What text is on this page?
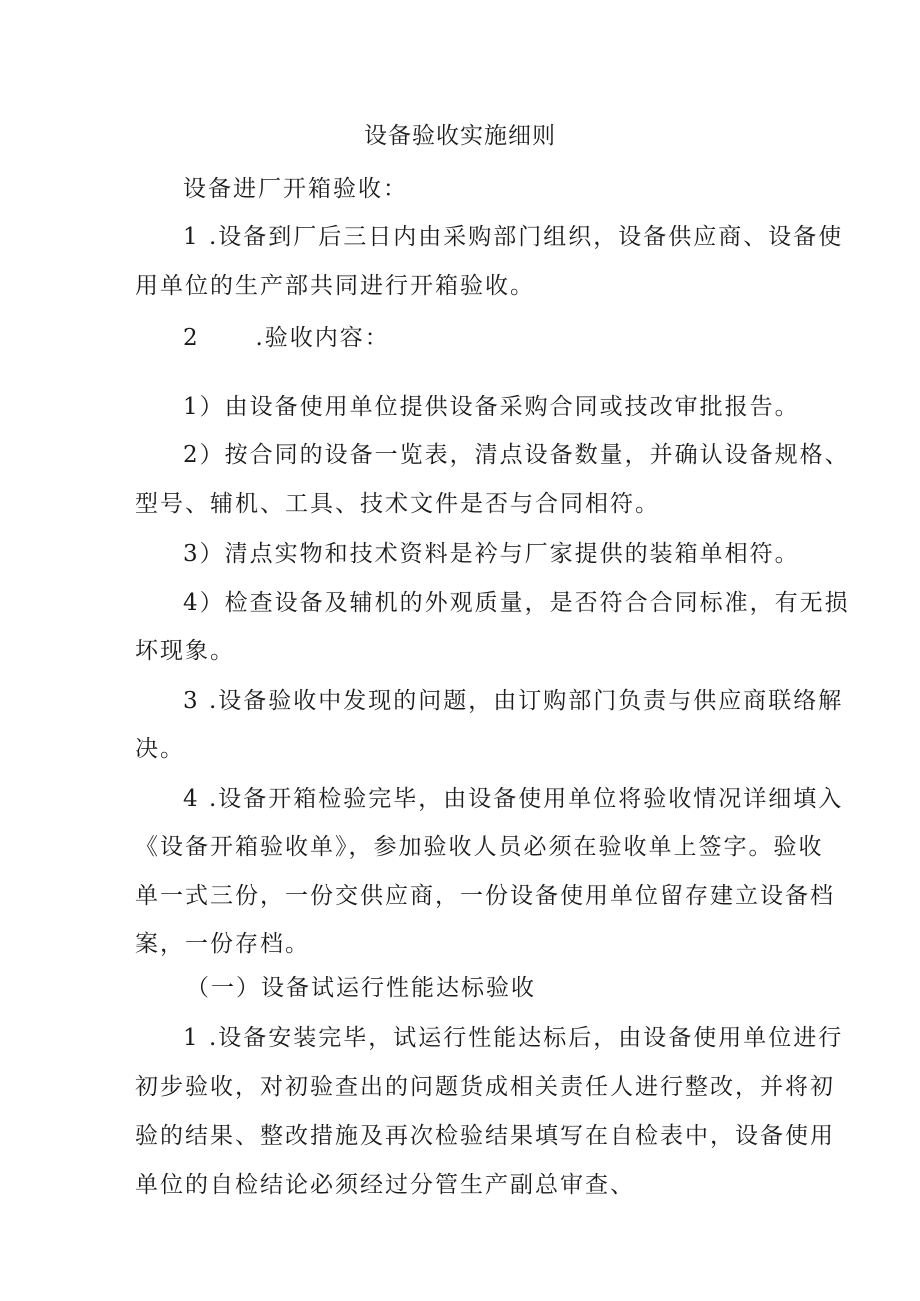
设备验收实施细则
设备进厂开箱验收：
1 .设备到厂后三日内由采购部门组织，设备供应商、设备使
用单位的生产部共同进行开箱验收。
2      .验收内容：
1）由设备使用单位提供设备采购合同或技改审批报告。
2）按合同的设备一览表，清点设备数量，并确认设备规格、
型号、辅机、工具、技术文件是否与合同相符。
3）清点实物和技术资料是衿与厂家提供的装箱单相符。
4）检查设备及辅机的外观质量，是否符合合同标准，有无损
坏现象。
3 .设备验收中发现的问题，由订购部门负责与供应商联络解
决。
4 .设备开箱检验完毕，由设备使用单位将验收情况详细填入
《设备开箱验收单》，参加验收人员必须在验收单上签字。验收
单一式三份，一份交供应商，一份设备使用单位留存建立设备档
案，一份存档。
（一）设备试运行性能达标验收
1 .设备安装完毕，试运行性能达标后，由设备使用单位进行
初步验收，对初验查出的问题货成相关责任人进行整改，并将初
验的结果、整改措施及再次检验结果填写在自检表中，设备使用
单位的自检结论必须经过分管生产副总审查、
